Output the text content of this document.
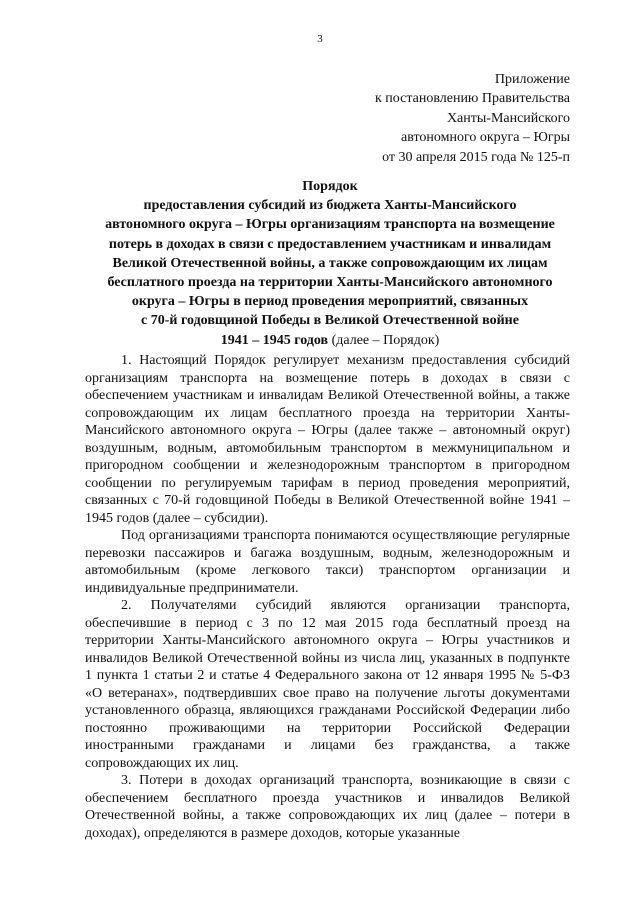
3
Приложение
к постановлению Правительства
Ханты-Мансийского
автономного округа – Югры
от 30 апреля 2015 года № 125-п
Порядок
предоставления субсидий из бюджета Ханты-Мансийского
автономного округа – Югры организациям транспорта на возмещение
потерь в доходах в связи с предоставлением участникам и инвалидам
Великой Отечественной войны, а также сопровождающим их лицам
бесплатного проезда на территории Ханты-Мансийского автономного
округа – Югры в период проведения мероприятий, связанных
с 70-й годовщиной Победы в Великой Отечественной войне
1941 – 1945 годов (далее – Порядок)

1. Настоящий Порядок регулирует механизм предоставления субсидий организациям транспорта на возмещение потерь в доходах в связи с обеспечением участникам и инвалидам Великой Отечественной войны, а также сопровождающим их лицам бесплатного проезда на территории Ханты-Мансийского автономного округа – Югры (далее также – автономный округ) воздушным, водным, автомобильным транспортом в межмуниципальном и пригородном сообщении и железнодорожным транспортом в пригородном сообщении по регулируемым тарифам в период проведения мероприятий, связанных с 70-й годовщиной Победы в Великой Отечественной войне 1941 – 1945 годов (далее – субсидии).

Под организациями транспорта понимаются осуществляющие регулярные перевозки пассажиров и багажа воздушным, водным, железнодорожным и автомобильным (кроме легкового такси) транспортом организации и индивидуальные предприниматели.

2. Получателями субсидий являются организации транспорта, обеспечившие в период с 3 по 12 мая 2015 года бесплатный проезд на территории Ханты-Мансийского автономного округа – Югры участников и инвалидов Великой Отечественной войны из числа лиц, указанных в подпункте 1 пункта 1 статьи 2 и статье 4 Федерального закона от 12 января 1995 № 5-ФЗ «О ветеранах», подтвердивших свое право на получение льготы документами установленного образца, являющихся гражданами Российской Федерации либо постоянно проживающими на территории Российской Федерации иностранными гражданами и лицами без гражданства, а также сопровождающих их лиц.

3. Потери в доходах организаций транспорта, возникающие в связи с обеспечением бесплатного проезда участников и инвалидов Великой Отечественной войны, а также сопровождающих их лиц (далее – потери в доходах), определяются в размере доходов, которые указанные
